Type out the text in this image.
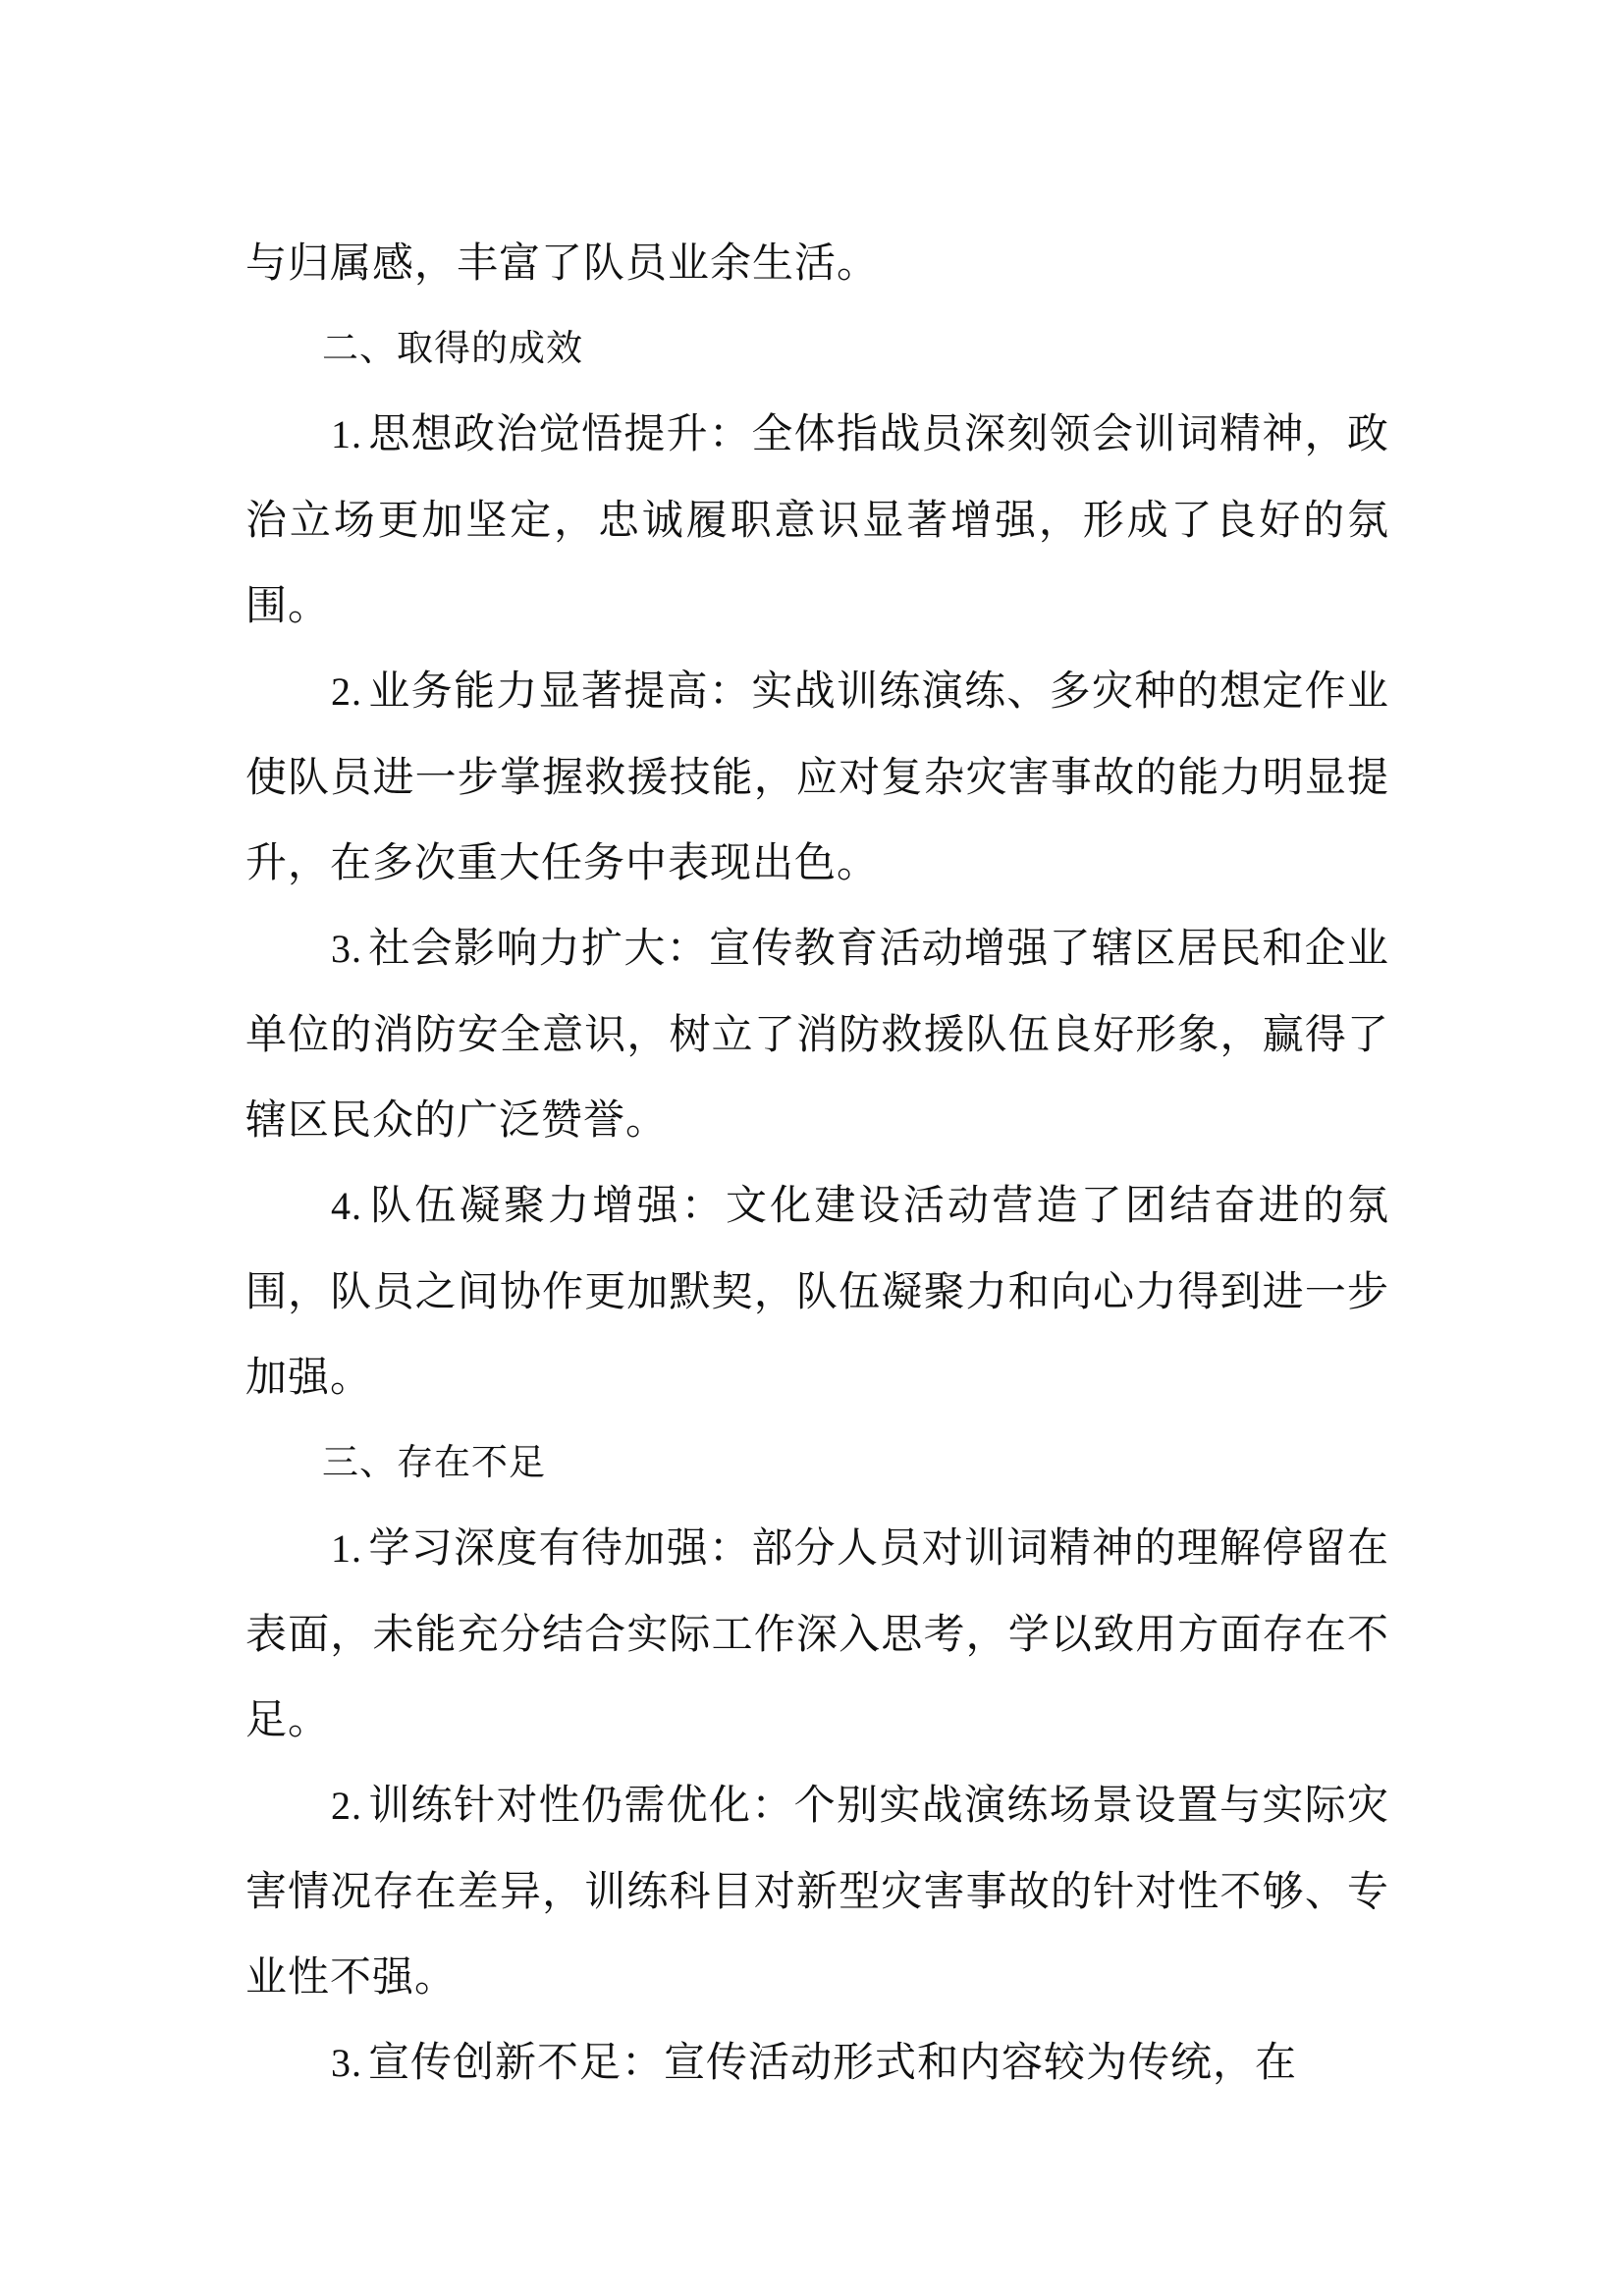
与归属感，丰富了队员业余生活。

二、取得的成效

1. 思想政治觉悟提升：全体指战员深刻领会训词精神，政治立场更加坚定，忠诚履职意识显著增强，形成了良好的氛围。

2. 业务能力显著提高：实战训练演练、多灾种的想定作业使队员进一步掌握救援技能，应对复杂灾害事故的能力明显提升，在多次重大任务中表现出色。

3. 社会影响力扩大：宣传教育活动增强了辖区居民和企业单位的消防安全意识，树立了消防救援队伍良好形象，赢得了辖区民众的广泛赞誉。

4. 队伍凝聚力增强：文化建设活动营造了团结奋进的氛围，队员之间协作更加默契，队伍凝聚力和向心力得到进一步加强。

三、存在不足

1. 学习深度有待加强：部分人员对训词精神的理解停留在表面，未能充分结合实际工作深入思考，学以致用方面存在不足。

2. 训练针对性仍需优化：个别实战演练场景设置与实际灾害情况存在差异，训练科目对新型灾害事故的针对性不够、专业性不强。

3. 宣传创新不足：宣传活动形式和内容较为传统，在
